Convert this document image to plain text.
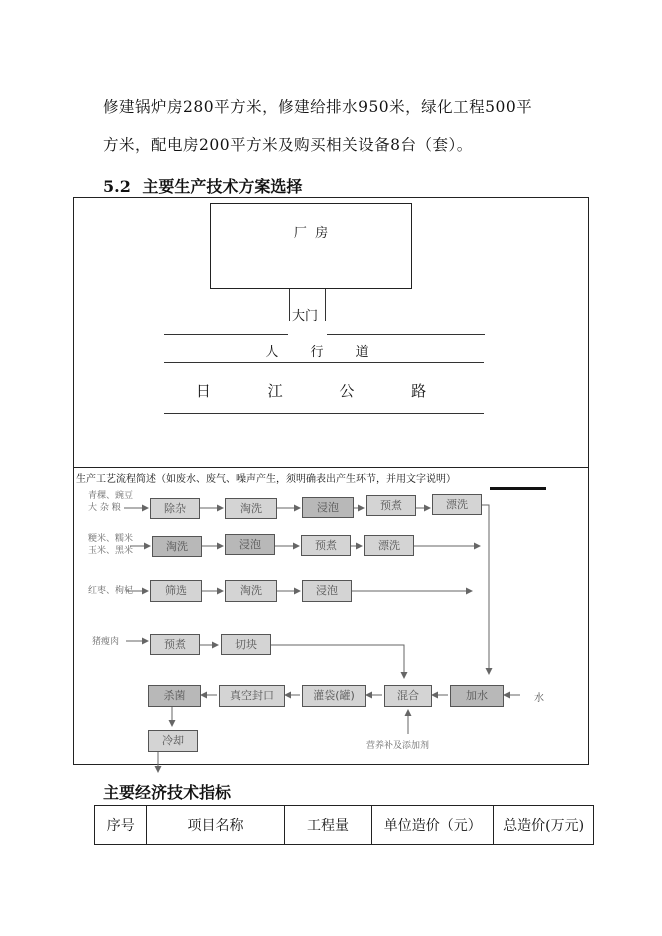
修建锅炉房280平方米，修建给排水950米，绿化工程500平
方米，配电房200平方米及购买相关设备8台（套）。
5.2 主要生产技术方案选择
厂  房
大门
人 行 道
日 江 公 路
生产工艺流程简述（如废水、废气、噪声产生，须明确表出产生环节，并用文字说明）
青稞、豌豆
大 杂 粮	除杂	淘洗	浸泡	预煮	漂洗
粳米、糯米
玉米、黑米	淘洗	浸泡	预煮	漂洗
红枣、枸杞	筛选	淘洗	浸泡
猪瘦肉	预煮	切块
杀菌	真空封口	灌袋(罐)	混合	加水	水
冷却	营养补及添加剂
主要经济技术指标
序号	项目名称	工程量	单位造价（元）	总造价(万元)
